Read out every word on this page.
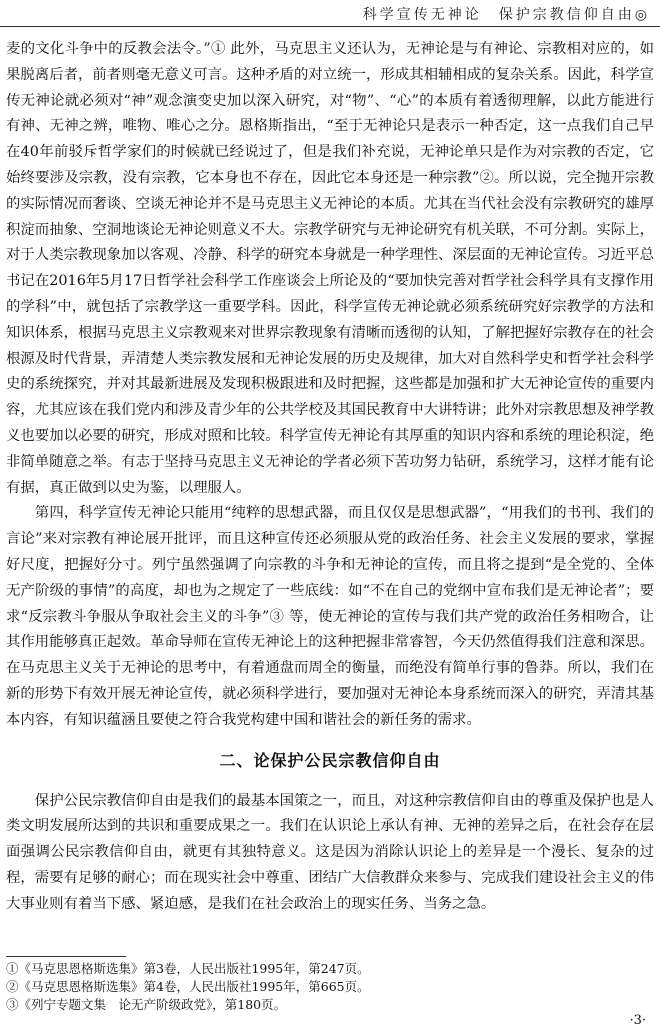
科学宣传无神论　保护宗教信仰自由◎

麦的文化斗争中的反教会法令。”① 此外，马克思主义还认为，无神论是与有神论、宗教相对应的，如果脱离后者，前者则毫无意义可言。这种矛盾的对立统一，形成其相辅相成的复杂关系。因此，科学宣传无神论就必须对“神”观念演变史加以深入研究，对“物”、“心”的本质有着透彻理解，以此方能进行有神、无神之辨，唯物、唯心之分。恩格斯指出，“至于无神论只是表示一种否定，这一点我们自己早在40年前驳斥哲学家们的时候就已经说过了，但是我们补充说，无神论单只是作为对宗教的否定，它始终要涉及宗教，没有宗教，它本身也不存在，因此它本身还是一种宗教”②。所以说，完全抛开宗教的实际情况而奢谈、空谈无神论并不是马克思主义无神论的本质。尤其在当代社会没有宗教研究的雄厚积淀而抽象、空洞地谈论无神论则意义不大。宗教学研究与无神论研究有机关联，不可分割。实际上，对于人类宗教现象加以客观、冷静、科学的研究本身就是一种学理性、深层面的无神论宣传。习近平总书记在2016年5月17日哲学社会科学工作座谈会上所论及的“要加快完善对哲学社会科学具有支撑作用的学科”中，就包括了宗教学这一重要学科。因此，科学宣传无神论就必须系统研究好宗教学的方法和知识体系，根据马克思主义宗教观来对世界宗教现象有清晰而透彻的认知，了解把握好宗教存在的社会根源及时代背景，弄清楚人类宗教发展和无神论发展的历史及规律，加大对自然科学史和哲学社会科学史的系统探究，并对其最新进展及发现积极跟进和及时把握，这些都是加强和扩大无神论宣传的重要内容，尤其应该在我们党内和涉及青少年的公共学校及其国民教育中大讲特讲；此外对宗教思想及神学教义也要加以必要的研究，形成对照和比较。科学宣传无神论有其厚重的知识内容和系统的理论积淀，绝非简单随意之举。有志于坚持马克思主义无神论的学者必须下苦功努力钻研，系统学习，这样才能有论有据，真正做到以史为鉴，以理服人。

第四，科学宣传无神论只能用“纯粹的思想武器，而且仅仅是思想武器”，“用我们的书刊、我们的言论”来对宗教有神论展开批评，而且这种宣传还必须服从党的政治任务、社会主义发展的要求，掌握好尺度，把握好分寸。列宁虽然强调了向宗教的斗争和无神论的宣传，而且将之提到“是全党的、全体无产阶级的事情”的高度，却也为之规定了一些底线：如“不在自己的党纲中宣布我们是无神论者”；要求“反宗教斗争服从争取社会主义的斗争”③ 等，使无神论的宣传与我们共产党的政治任务相吻合，让其作用能够真正起效。革命导师在宣传无神论上的这种把握非常睿智，今天仍然值得我们注意和深思。在马克思主义关于无神论的思考中，有着通盘而周全的衡量，而绝没有简单行事的鲁莽。所以，我们在新的形势下有效开展无神论宣传，就必须科学进行，要加强对无神论本身系统而深入的研究，弄清其基本内容，有知识蕴涵且要使之符合我党构建中国和谐社会的新任务的需求。

二、论保护公民宗教信仰自由

保护公民宗教信仰自由是我们的最基本国策之一，而且，对这种宗教信仰自由的尊重及保护也是人类文明发展所达到的共识和重要成果之一。我们在认识论上承认有神、无神的差异之后，在社会存在层面强调公民宗教信仰自由，就更有其独特意义。这是因为消除认识论上的差异是一个漫长、复杂的过程，需要有足够的耐心；而在现实社会中尊重、团结广大信教群众来参与、完成我们建设社会主义的伟大事业则有着当下感、紧迫感，是我们在社会政治上的现实任务、当务之急。

①《马克思恩格斯选集》第3卷，人民出版社1995年，第247页。

②《马克思恩格斯选集》第4卷，人民出版社1995年，第665页。

③《列宁专题文集　论无产阶级政党》，第180页。

·3·
